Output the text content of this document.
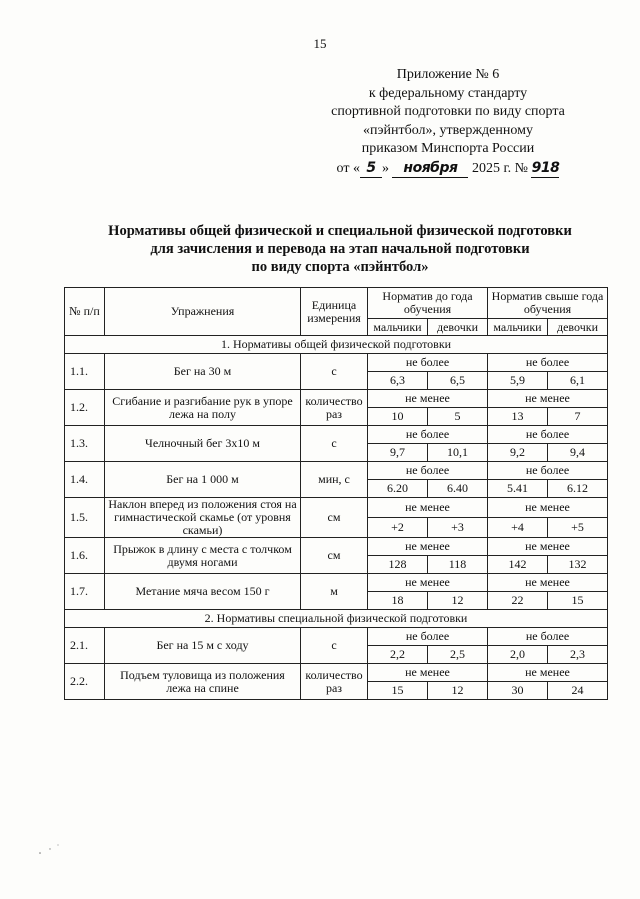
15
Приложение № 6
к федеральному стандарту
спортивной подготовки по виду спорта
«пэйнтбол», утвержденному
приказом Минспорта России
от « 5 » ноября 2025 г. № 918
Нормативы общей физической и специальной физической подготовки
для зачисления и перевода на этап начальной подготовки
по виду спорта «пэйнтбол»
№ п/п	Упражнения	Единица измерения	Норматив до года обучения		Норматив свыше года обучения	
			мальчики	девочки	мальчики	девочки
1. Нормативы общей физической подготовки						
1.1.	Бег на 30 м	с	не более		не более	
			6,3	6,5	5,9	6,1
1.2.	Сгибание и разгибание рук в упоре лежа на полу	количество раз	не менее		не менее	
			10	5	13	7
1.3.	Челночный бег 3х10 м	с	не более		не более	
			9,7	10,1	9,2	9,4
1.4.	Бег на 1 000 м	мин, с	не более		не более	
			6.20	6.40	5.41	6.12
1.5.	Наклон вперед из положения стоя на гимнастической скамье (от уровня скамьи)	см	не менее		не менее	
			+2	+3	+4	+5
1.6.	Прыжок в длину с места с толчком двумя ногами	см	не менее		не менее	
			128	118	142	132
1.7.	Метание мяча весом 150 г	м	не менее		не менее	
			18	12	22	15
2. Нормативы специальной физической подготовки						
2.1.	Бег на 15 м с ходу	с	не более		не более	
			2,2	2,5	2,0	2,3
2.2.	Подъем туловища из положения лежа на спине	количество раз	не менее		не менее	
			15	12	30	24
